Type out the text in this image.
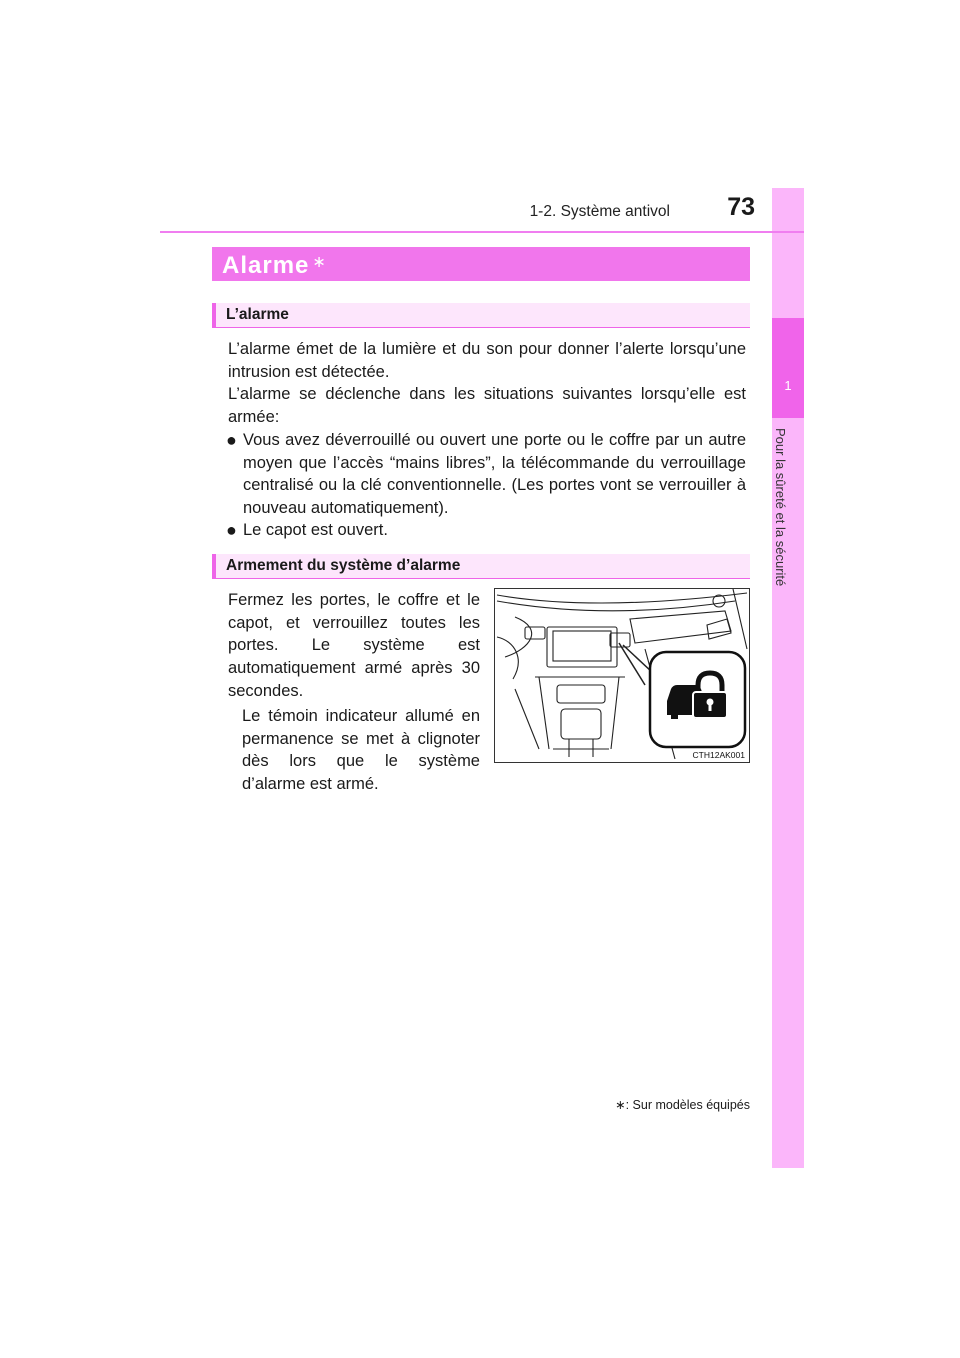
1
Pour la sûreté et la sécurité
1-2. Système antivol	73
Alarme ∗
L’alarme

L’alarme émet de la lumière et du son pour donner l’alerte lorsqu’une intrusion est détectée.

L’alarme se déclenche dans les situations suivantes lorsqu’elle est armée:

● Vous avez déverrouillé ou ouvert une porte ou le coffre par un autre moyen que l’accès “mains libres”, la télécommande du verrouillage centralisé ou la clé conventionnelle. (Les portes vont se verrouiller à nouveau automatiquement).

● Le capot est ouvert.

Armement du système d’alarme

Fermez les portes, le coffre et le capot, et verrouillez toutes les portes. Le système est automatiquement armé après 30 secondes.

Le témoin indicateur allumé en permanence se met à clignoter dès lors que le système d’alarme est armé.

CTH12AK001
∗: Sur modèles équipés
